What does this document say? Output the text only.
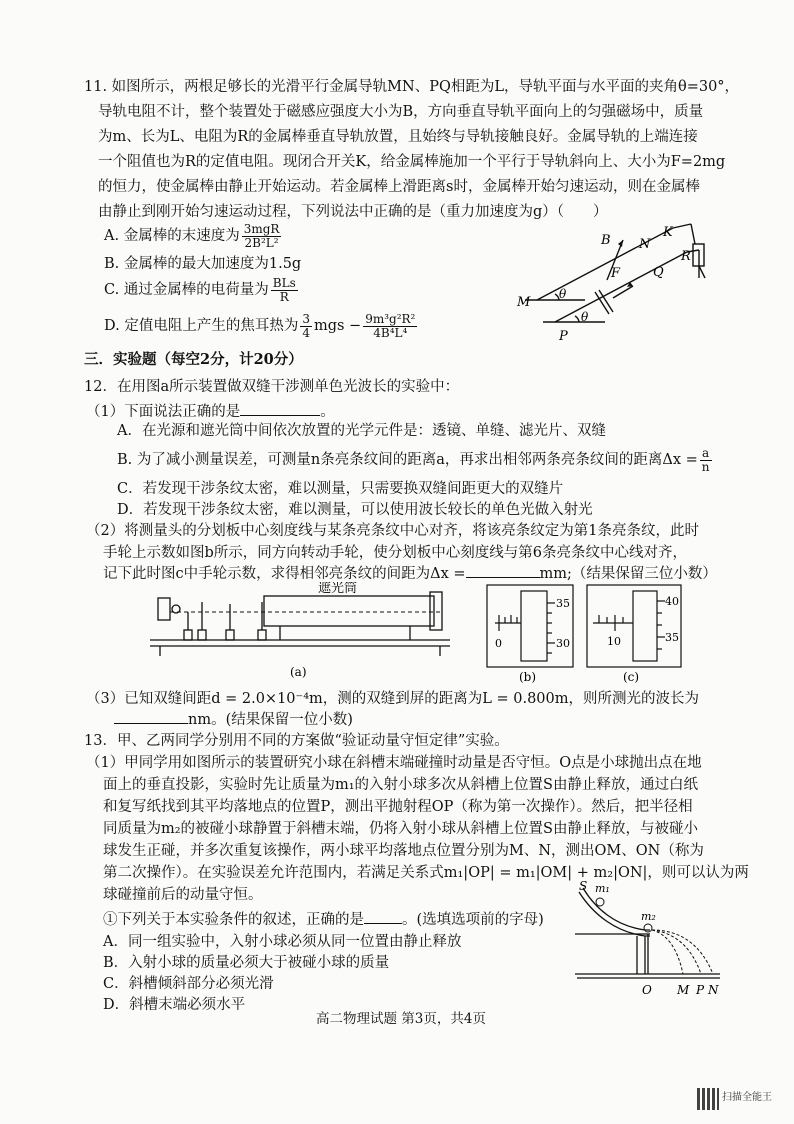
11. 如图所示，两根足够长的光滑平行金属导轨MN、PQ相距为L，导轨平面与水平面的夹角θ=30°，
导轨电阻不计，整个装置处于磁感应强度大小为B，方向垂直导轨平面向上的匀强磁场中，质量
为m、长为L、电阻为R的金属棒垂直导轨放置，且始终与导轨接触良好。金属导轨的上端连接
一个阻值也为R的定值电阻。现闭合开关K，给金属棒施加一个平行于导轨斜向上、大小为F=2mg
的恒力，使金属棒由静止开始运动。若金属棒上滑距离s时，金属棒开始匀速运动，则在金属棒
由静止到刚开始匀速运动过程，下列说法中正确的是（重力加速度为g）（　　）
A. 金属棒的末速度为 $\frac{\text{3mgR}}{\text{2B²L²}}$
B. 金属棒的最大加速度为1.5g
C. 通过金属棒的电荷量为 $\frac{\text{BLs}}{R}$
D. 定值电阻上产生的焦耳热为 $\frac{3}{4}$ mgs − $\frac{\text{9m³g²R²}}{\text{4B⁴L⁴}}$
B N
K
R
F	Q
M
θ
θ
P
三．实验题（每空2分，计20分）
12．在用图a所示装置做双缝干涉测单色光波长的实验中：
（1）下面说法正确的是	。
A．在光源和遮光筒中间依次放置的光学元件是：透镜、单缝、滤光片、双缝
B. 为了减小测量误差，可测量n条亮条纹间的距离a，再求出相邻两条亮条纹间的距离$\Delta x = \frac{a}{n}$
C．若发现干涉条纹太密，难以测量，只需要换双缝间距更大的双缝片
D．若发现干涉条纹太密，难以测量，可以使用波长较长的单色光做入射光
（2）将测量头的分划板中心刻度线与某条亮条纹中心对齐，将该亮条纹定为第1条亮条纹，此时
手轮上示数如图b所示，同方向转动手轮，使分划板中心刻度线与第6条亮条纹中心线对齐，
记下此时图c中手轮示数，求得相邻亮条纹的间距为Δx =	mm;（结果保留三位小数）
遮光筒
(a)
35
30
0
(b)
40
35
10
(c)
（3）已知双缝间距d = 2.0×10⁻⁴m，测的双缝到屏的距离为L = 0.800m，则所测光的波长为
nm。(结果保留一位小数)
13．甲、乙两同学分别用不同的方案做“验证动量守恒定律”实验。
（1）甲同学用如图所示的装置研究小球在斜槽末端碰撞时动量是否守恒。O点是小球抛出点在地
面上的垂直投影，实验时先让质量为m₁的入射小球多次从斜槽上位置S由静止释放，通过白纸
和复写纸找到其平均落地点的位置P，测出平抛射程OP（称为第一次操作）。然后，把半径相
同质量为m₂的被碰小球静置于斜槽末端，仍将入射小球从斜槽上位置S由静止释放，与被碰小
球发生正碰，并多次重复该操作，两小球平均落地点位置分别为M、N，测出OM、ON（称为
第二次操作）。在实验误差允许范围内，若满足关系式m₁|OP| = m₁|OM| + m₂|ON|，则可以认为两
球碰撞前后的动量守恒。
①下列关于本实验条件的叙述，正确的是	。(选填选项前的字母)
A．同一组实验中，入射小球必须从同一位置由静止释放
B．入射小球的质量必须大于被碰小球的质量
C．斜槽倾斜部分必须光滑
D．斜槽末端必须水平
S m₁
m₂
O M P N
高二物理试题 第3页，共4页
扫描全能王
